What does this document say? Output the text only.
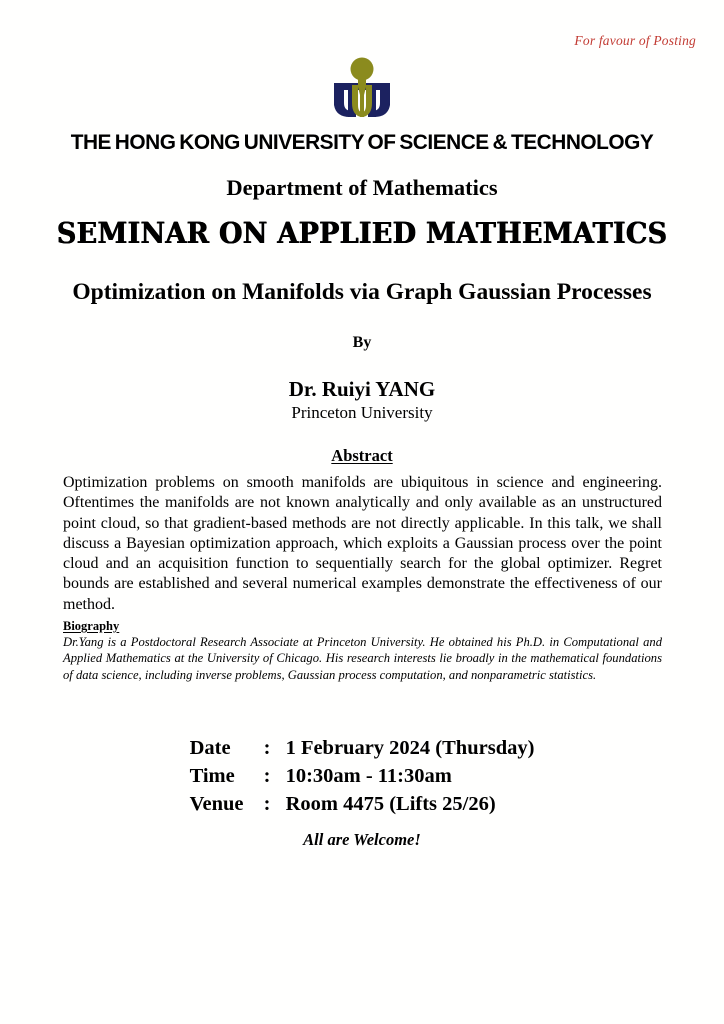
For favour of Posting
THE HONG KONG UNIVERSITY OF SCIENCE & TECHNOLOGY
Department of Mathematics
SEMINAR ON APPLIED MATHEMATICS
Optimization on Manifolds via Graph Gaussian Processes
By
Dr. Ruiyi YANG
Princeton University
Abstract
Optimization problems on smooth manifolds are ubiquitous in science and engineering. Oftentimes the manifolds are not known analytically and only available as an unstructured point cloud, so that gradient-based methods are not directly applicable. In this talk, we shall discuss a Bayesian optimization approach, which exploits a Gaussian process over the point cloud and an acquisition function to sequentially search for the global optimizer. Regret bounds are established and several numerical examples demonstrate the effectiveness of our method.
Biography
Dr.Yang is a Postdoctoral Research Associate at Princeton University. He obtained his Ph.D. in Computational and Applied Mathematics at the University of Chicago. His research interests lie broadly in the mathematical foundations of data science, including inverse problems, Gaussian process computation, and nonparametric statistics.
Date	:	1 February 2024 (Thursday)
Time	:	10:30am - 11:30am
Venue	:	Room 4475 (Lifts 25/26)
All are Welcome!
